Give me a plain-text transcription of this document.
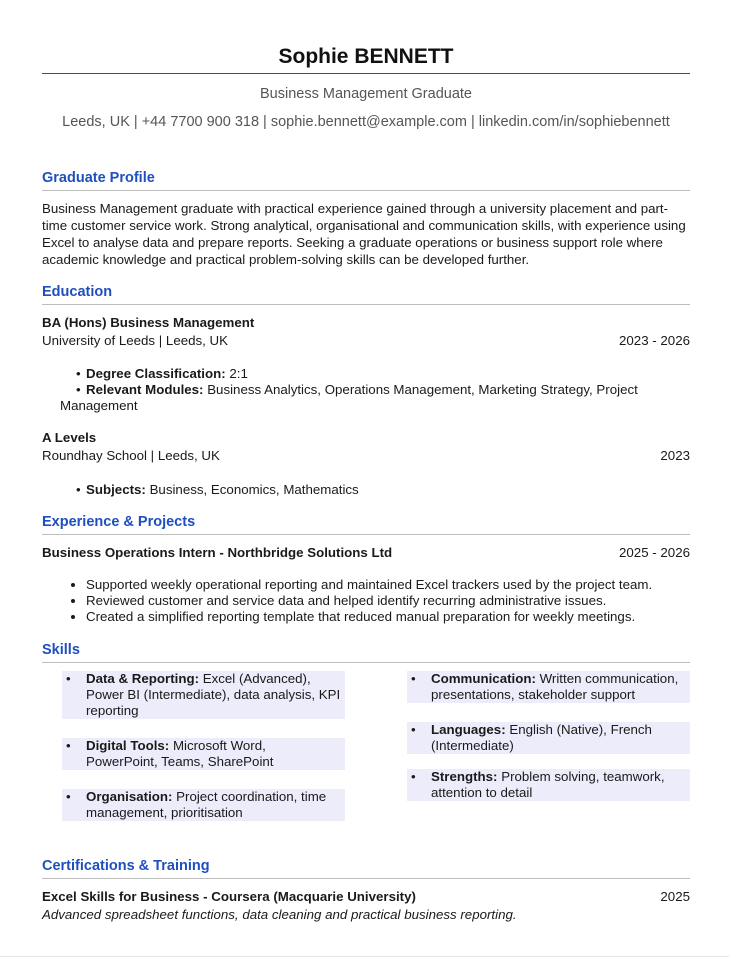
Sophie BENNETT
Business Management Graduate
Leeds, UK | +44 7700 900 318 | sophie.bennett@example.com | linkedin.com/in/sophiebennett
Graduate Profile
Business Management graduate with practical experience gained through a university placement and part-time customer service work. Strong analytical, organisational and communication skills, with experience using Excel to analyse data and prepare reports. Seeking a graduate operations or business support role where academic knowledge and practical problem-solving skills can be developed further.
Education
BA (Hons) Business Management
University of Leeds | Leeds, UK	2023 - 2026
• Degree Classification: 2:1
• Relevant Modules: Business Analytics, Operations Management, Marketing Strategy, Project
Management
A Levels
Roundhay School | Leeds, UK	2023
• Subjects: Business, Economics, Mathematics
Experience & Projects
Business Operations Intern - Northbridge Solutions Ltd	2025 - 2026
• Supported weekly operational reporting and maintained Excel trackers used by the project team.
• Reviewed customer and service data and helped identify recurring administrative issues.
• Created a simplified reporting template that reduced manual preparation for weekly meetings.
Skills
• Data & Reporting: Excel (Advanced), Power BI (Intermediate), data analysis, KPI reporting
• Digital Tools: Microsoft Word, PowerPoint, Teams, SharePoint
• Organisation: Project coordination, time management, prioritisation
• Communication: Written communication, presentations, stakeholder support
• Languages: English (Native), French (Intermediate)
• Strengths: Problem solving, teamwork, attention to detail
Certifications & Training
Excel Skills for Business - Coursera (Macquarie University)	2025
Advanced spreadsheet functions, data cleaning and practical business reporting.
